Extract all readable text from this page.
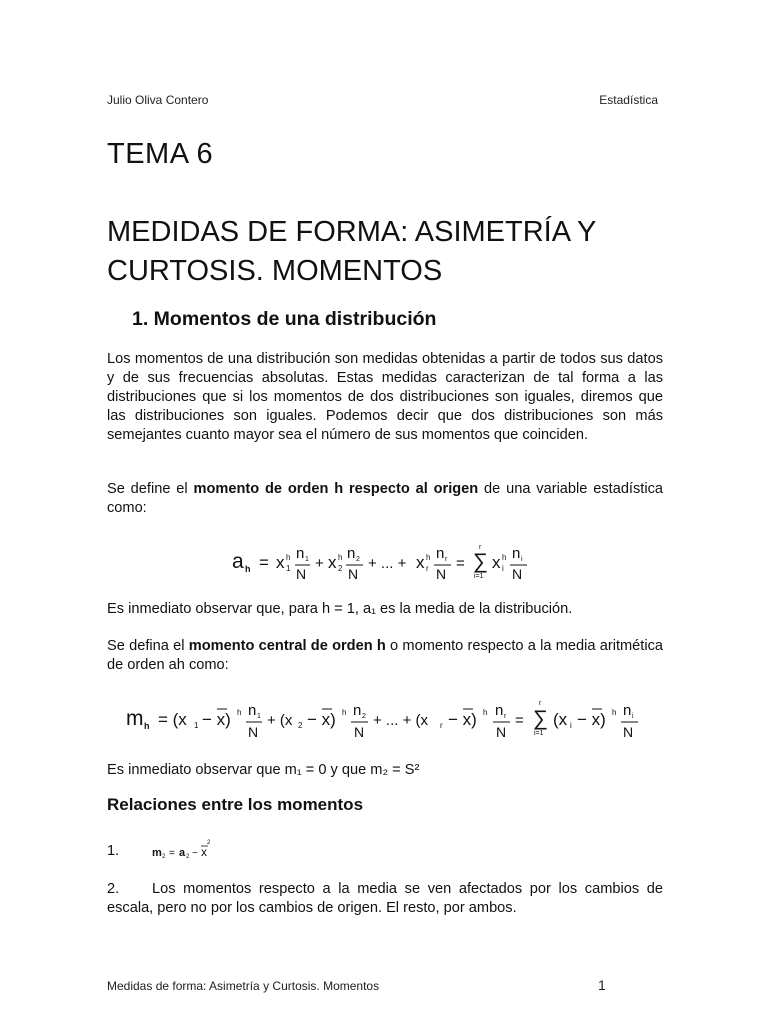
Julio Oliva Contero	Estadística
TEMA 6
MEDIDAS DE FORMA: ASIMETRÍA Y CURTOSIS. MOMENTOS
1. Momentos de una distribución
Los momentos de una distribución son medidas obtenidas a partir de todos sus datos y de sus frecuencias absolutas. Estas medidas caracterizan de tal forma a las distribuciones que si los momentos de dos distribuciones son iguales, diremos que las distribuciones son iguales. Podemos decir que dos distribuciones son más semejantes cuanto mayor sea el número de sus momentos que coinciden.
Se define el momento de orden h respecto al origen de una variable estadística como:
a h = x h
1
n 1
N
+ x h
2
n 2
N
+ ... + x h
r
n r
N
=
r
∑
i=1
x h
i
n i
N
Es inmediato observar que, para h = 1, a₁ es la media de la distribución.
Se defina el momento central de orden h o momento respecto a la media aritmética de orden ah como:
m h = (x 1 − x) h n 1
N
+ (x 2 − x) h n 2
N
+ ... + (x r − x) h n r
N
=
r
∑
i=1
(x i − x) h n i
N
Es inmediato observar que m₁ = 0 y que m₂ = S²
Relaciones entre los momentos
1.	m 2 = a 2 − x
2
2. Los momentos respecto a la media se ven afectados por los cambios de escala, pero no por los cambios de origen. El resto, por ambos.
Medidas de forma: Asimetría y Curtosis. Momentos	1
